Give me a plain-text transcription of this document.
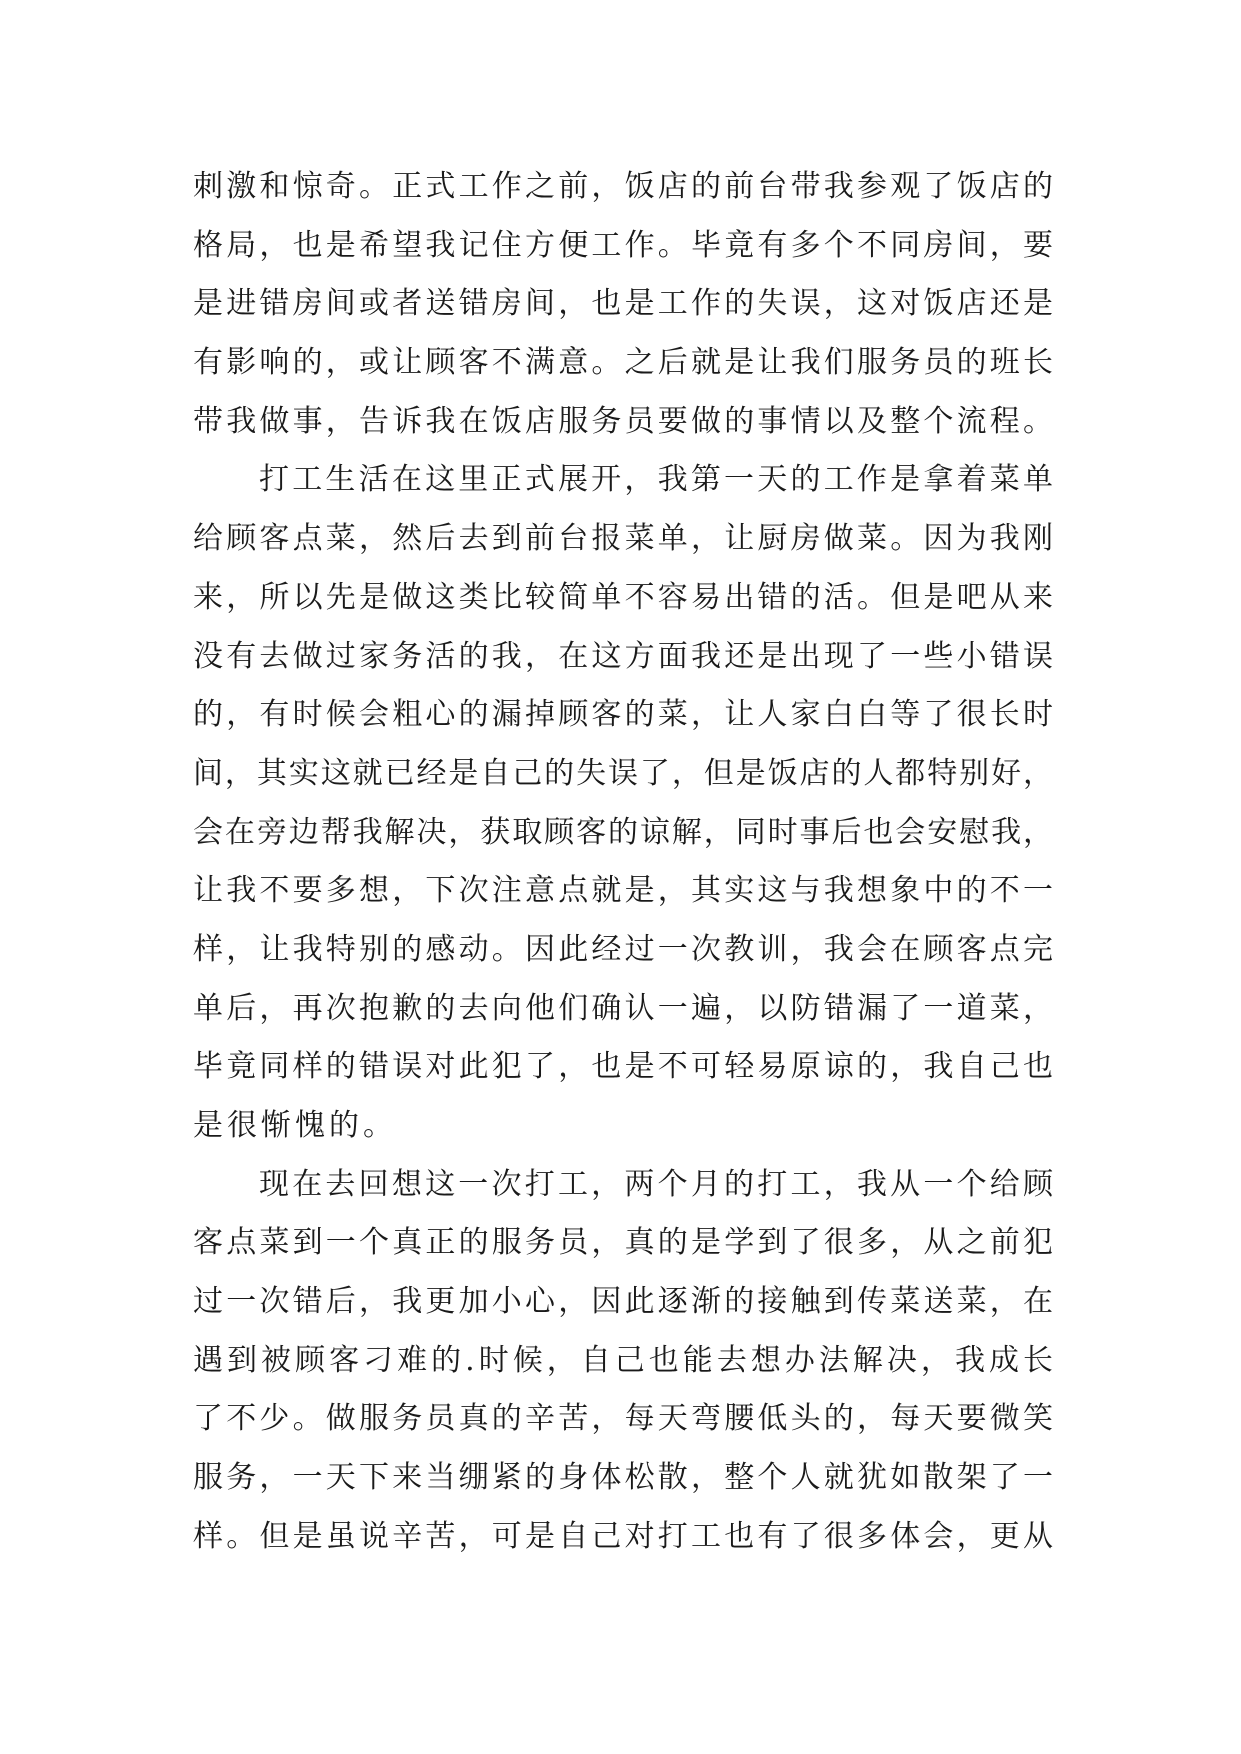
刺激和惊奇。正式工作之前，饭店的前台带我参观了饭店的
格局，也是希望我记住方便工作。毕竟有多个不同房间，要
是进错房间或者送错房间，也是工作的失误，这对饭店还是
有影响的，或让顾客不满意。之后就是让我们服务员的班长
带我做事，告诉我在饭店服务员要做的事情以及整个流程。
打工生活在这里正式展开，我第一天的工作是拿着菜单
给顾客点菜，然后去到前台报菜单，让厨房做菜。因为我刚
来，所以先是做这类比较简单不容易出错的活。但是吧从来
没有去做过家务活的我，在这方面我还是出现了一些小错误
的，有时候会粗心的漏掉顾客的菜，让人家白白等了很长时
间，其实这就已经是自己的失误了，但是饭店的人都特别好，
会在旁边帮我解决，获取顾客的谅解，同时事后也会安慰我，
让我不要多想，下次注意点就是，其实这与我想象中的不一
样，让我特别的感动。因此经过一次教训，我会在顾客点完
单后，再次抱歉的去向他们确认一遍，以防错漏了一道菜，
毕竟同样的错误对此犯了，也是不可轻易原谅的，我自己也
是很惭愧的。
现在去回想这一次打工，两个月的打工，我从一个给顾
客点菜到一个真正的服务员，真的是学到了很多，从之前犯
过一次错后，我更加小心，因此逐渐的接触到传菜送菜，在
遇到被顾客刁难的.时候，自己也能去想办法解决，我成长
了不少。做服务员真的辛苦，每天弯腰低头的，每天要微笑
服务，一天下来当绷紧的身体松散，整个人就犹如散架了一
样。但是虽说辛苦，可是自己对打工也有了很多体会，更从
